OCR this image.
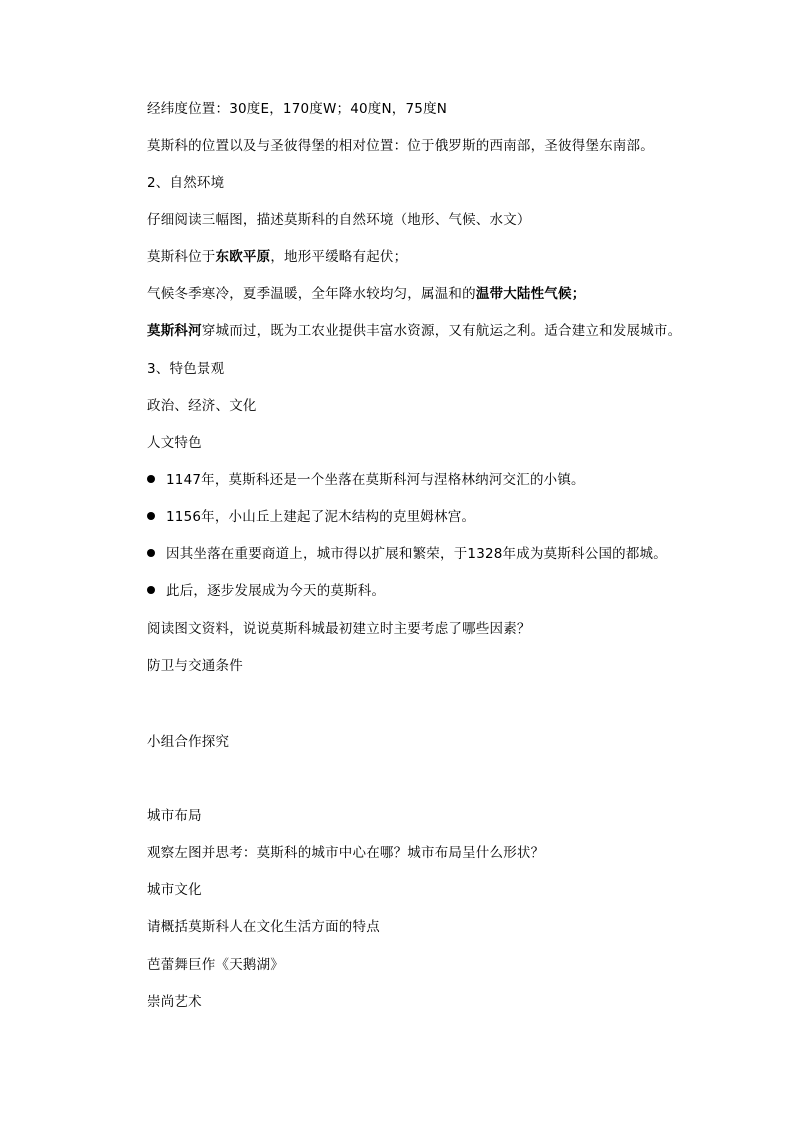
经纬度位置：30度E，170度W；40度N，75度N
莫斯科的位置以及与圣彼得堡的相对位置：位于俄罗斯的西南部，圣彼得堡东南部。
2、自然环境
仔细阅读三幅图，描述莫斯科的自然环境（地形、气候、水文）
莫斯科位于东欧平原，地形平缓略有起伏；
气候冬季寒冷，夏季温暖，全年降水较均匀，属温和的温带大陆性气候；
莫斯科河穿城而过，既为工农业提供丰富水资源，又有航运之利。适合建立和发展城市。
3、特色景观
政治、经济、文化
人文特色
1147年，莫斯科还是一个坐落在莫斯科河与涅格林纳河交汇的小镇。
1156年，小山丘上建起了泥木结构的克里姆林宫。
因其坐落在重要商道上，城市得以扩展和繁荣，于1328年成为莫斯科公国的都城。
此后，逐步发展成为今天的莫斯科。
阅读图文资料，说说莫斯科城最初建立时主要考虑了哪些因素？
防卫与交通条件
小组合作探究
城市布局
观察左图并思考：莫斯科的城市中心在哪？城市布局呈什么形状？
城市文化
请概括莫斯科人在文化生活方面的特点
芭蕾舞巨作《天鹅湖》
崇尚艺术
